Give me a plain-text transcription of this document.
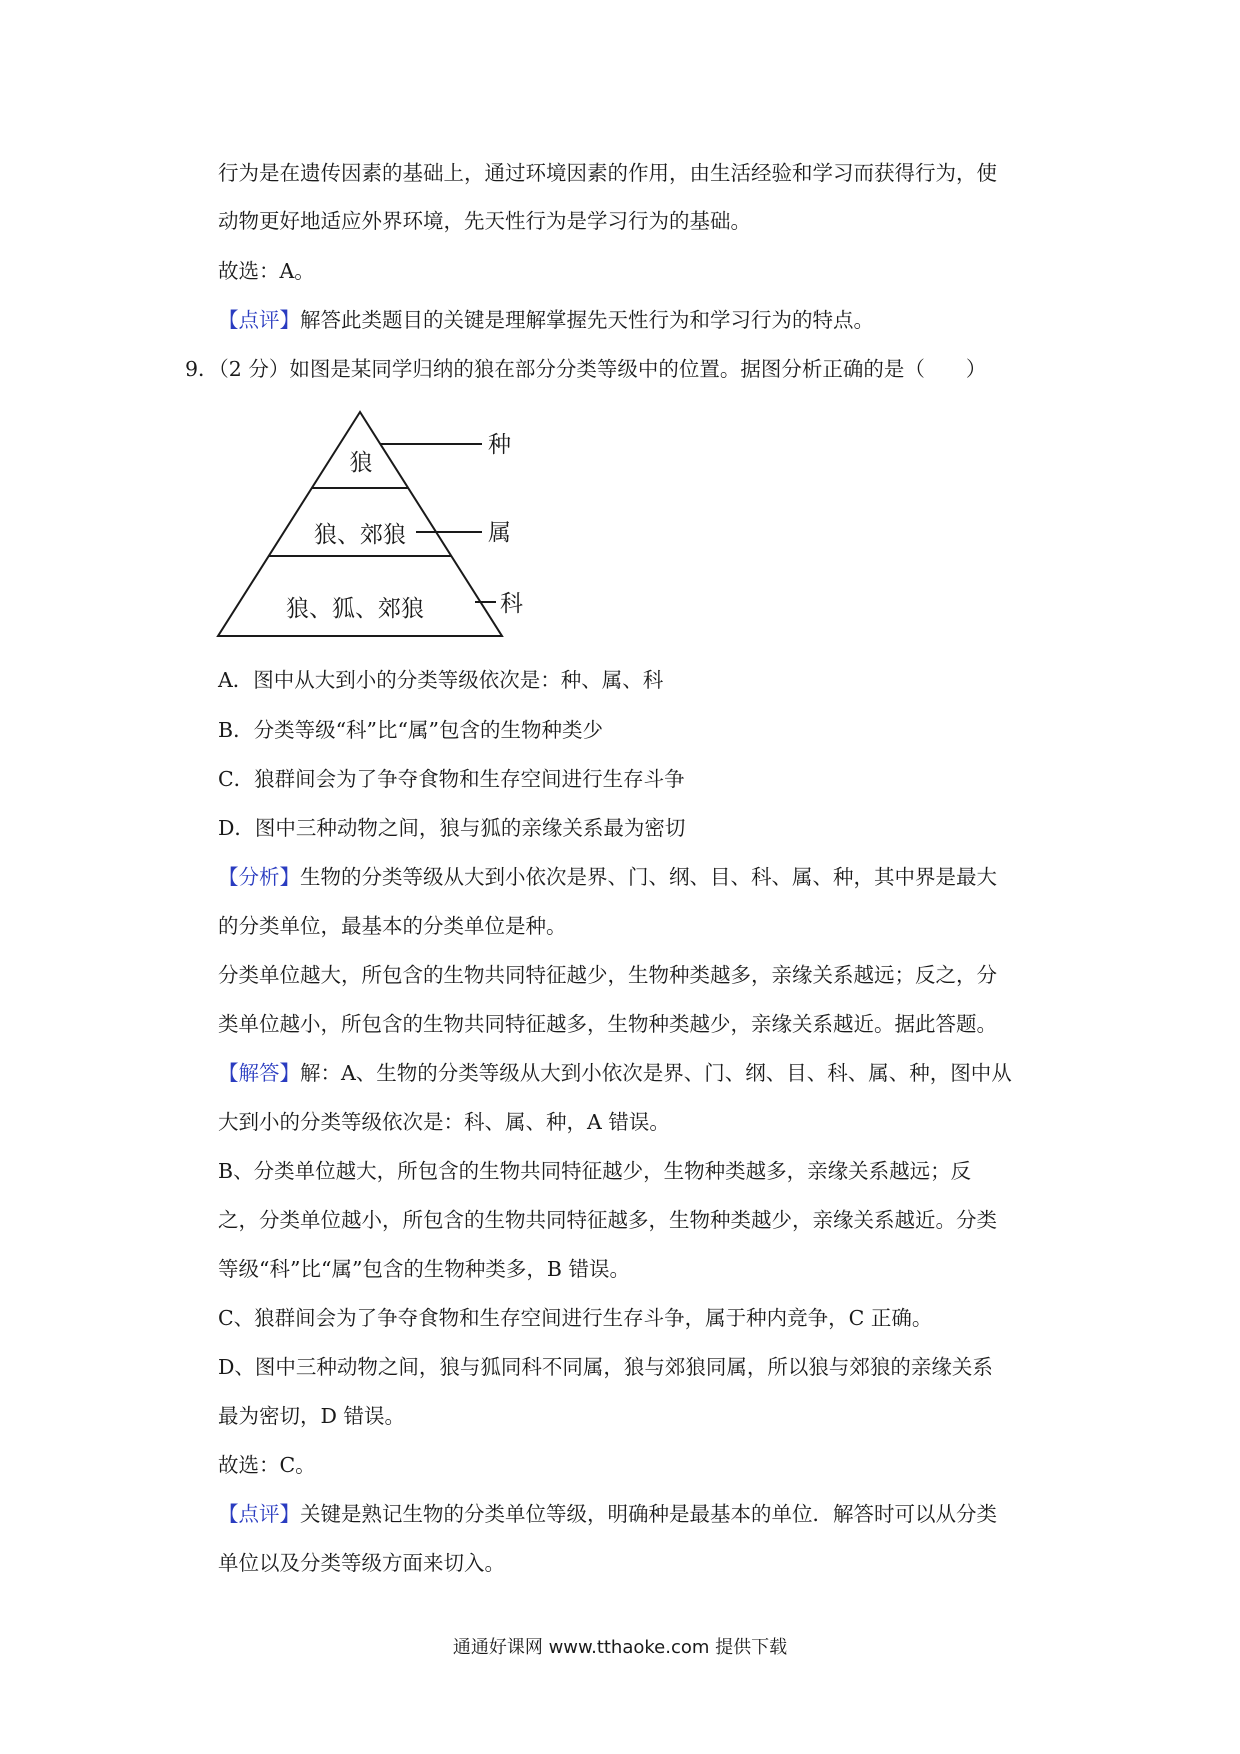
行为是在遗传因素的基础上，通过环境因素的作用，由生活经验和学习而获得行为，使
动物更好地适应外界环境，先天性行为是学习行为的基础。
故选：A。
【点评】解答此类题目的关键是理解掌握先天性行为和学习行为的特点。
9．（2 分）如图是某同学归纳的狼在部分分类等级中的位置。据图分析正确的是（　　）
狼
狼、郊狼
狼、狐、郊狼
种
属
科
A．图中从大到小的分类等级依次是：种、属、科
B．分类等级“科”比“属”包含的生物种类少
C．狼群间会为了争夺食物和生存空间进行生存斗争
D．图中三种动物之间，狼与狐的亲缘关系最为密切
【分析】生物的分类等级从大到小依次是界、门、纲、目、科、属、种，其中界是最大
的分类单位，最基本的分类单位是种。
分类单位越大，所包含的生物共同特征越少，生物种类越多，亲缘关系越远；反之，分
类单位越小，所包含的生物共同特征越多，生物种类越少，亲缘关系越近。据此答题。
【解答】解：A、生物的分类等级从大到小依次是界、门、纲、目、科、属、种，图中从
大到小的分类等级依次是：科、属、种，A 错误。
B、分类单位越大，所包含的生物共同特征越少，生物种类越多，亲缘关系越远；反
之，分类单位越小，所包含的生物共同特征越多，生物种类越少，亲缘关系越近。分类
等级“科”比“属”包含的生物种类多，B 错误。
C、狼群间会为了争夺食物和生存空间进行生存斗争，属于种内竞争，C 正确。
D、图中三种动物之间，狼与狐同科不同属，狼与郊狼同属，所以狼与郊狼的亲缘关系
最为密切，D 错误。
故选：C。
【点评】关键是熟记生物的分类单位等级，明确种是最基本的单位．解答时可以从分类
单位以及分类等级方面来切入。
通通好课网 www.tthaoke.com 提供下载
